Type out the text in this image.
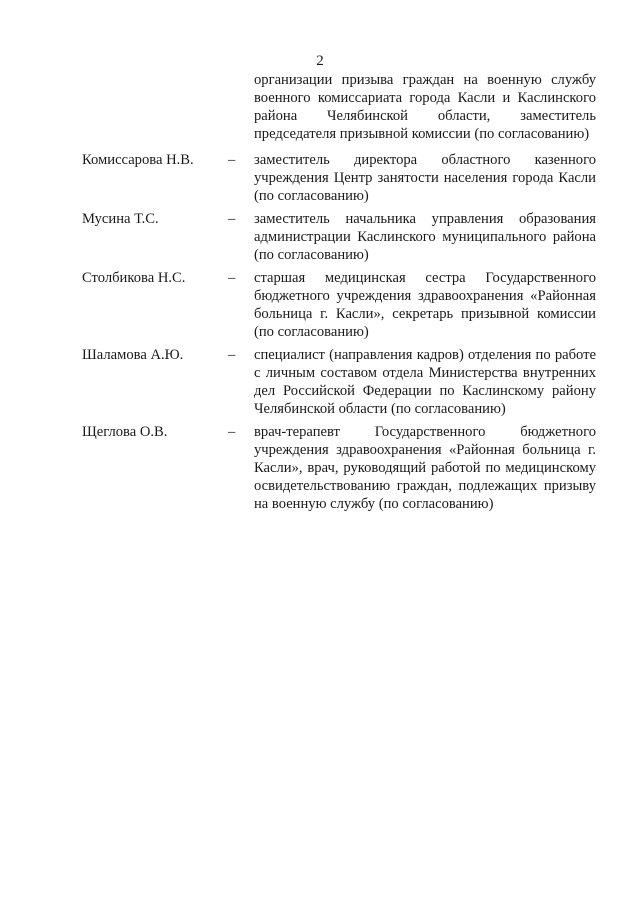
2
организации призыва граждан на военную службу военного комиссариата города Касли и Каслинского района Челябинской области, заместитель председателя призывной комиссии (по согласованию)
Комиссарова Н.В.	–	заместитель директора областного казенного учреждения Центр занятости населения города Касли (по согласованию)
Мусина Т.С.	–	заместитель начальника управления образования администрации Каслинского муниципального района (по согласованию)
Столбикова Н.С.	–	старшая медицинская сестра Государственного бюджетного учреждения здравоохранения «Районная больница г. Касли», секретарь призывной комиссии (по согласованию)
Шаламова А.Ю.	–	специалист (направления кадров) отделения по работе с личным составом отдела Министерства внутренних дел Российской Федерации по Каслинскому району Челябинской области (по согласованию)
Щеглова О.В.	–	врач-терапевт Государственного бюджетного учреждения здравоохранения «Районная больница г. Касли», врач, руководящий работой по медицинскому освидетельствованию граждан, подлежащих призыву на военную службу (по согласованию)
